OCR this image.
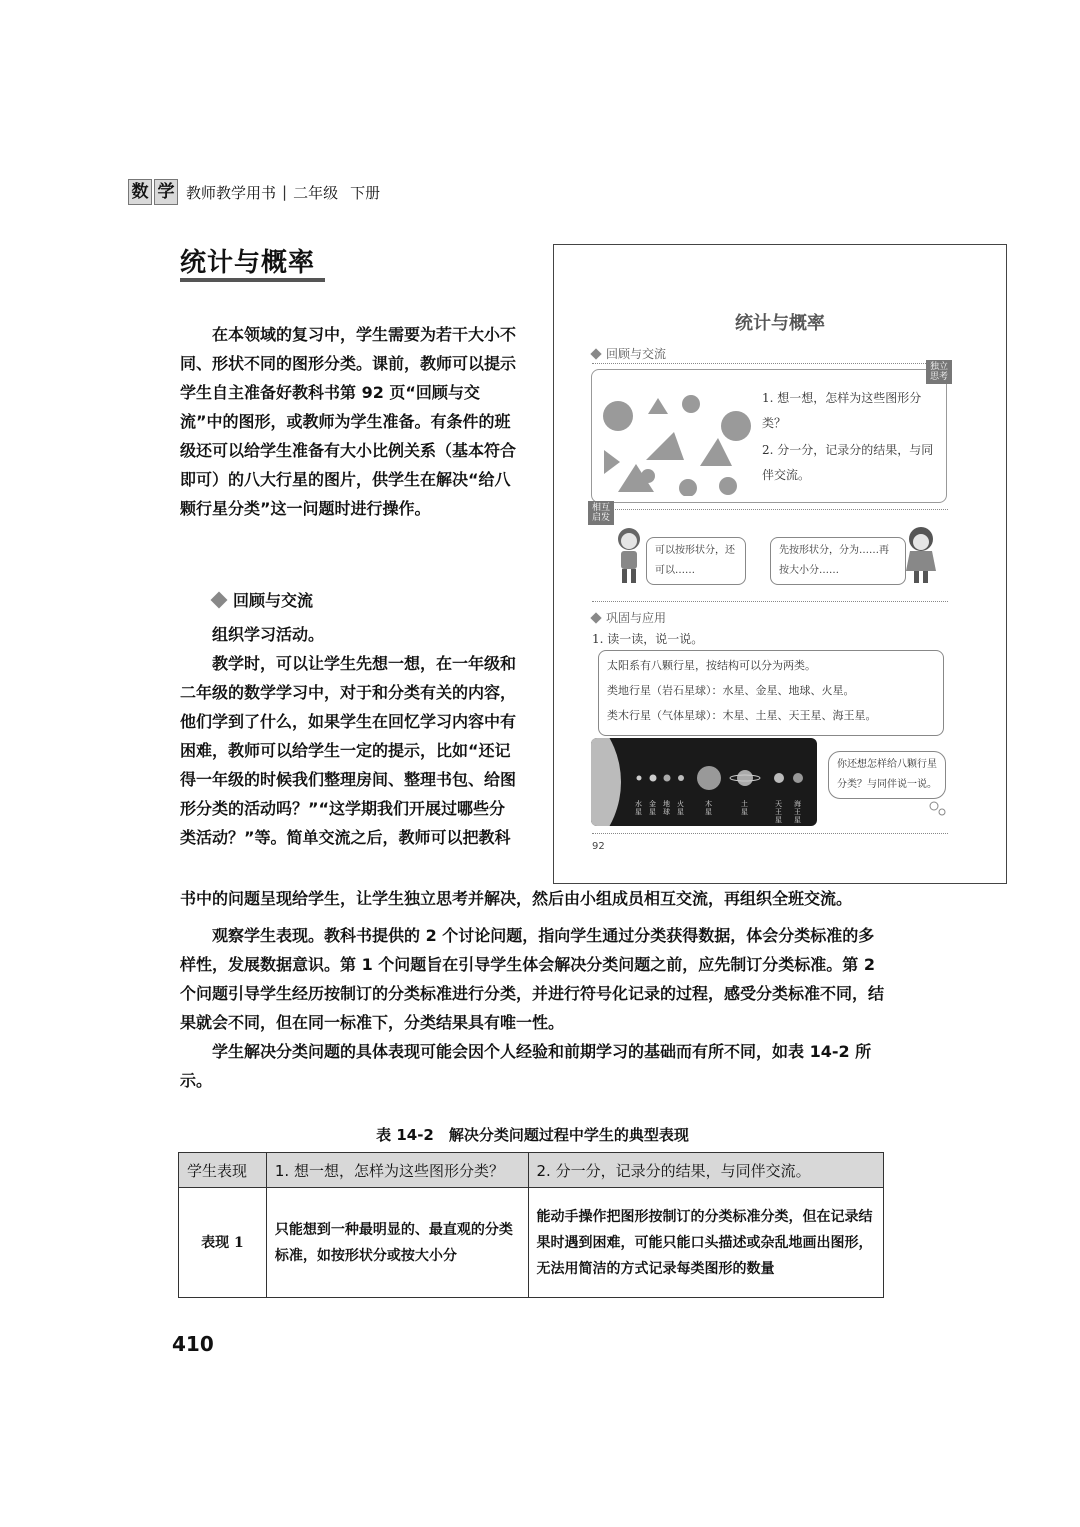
数 学 教师教学用书 | 二年级 下册
统计与概率

在本领域的复习中，学生需要为若干大小不同、形状不同的图形分类。课前，教师可以提示学生自主准备好教科书第 92 页“回顾与交流”中的图形，或教师为学生准备。有条件的班级还可以给学生准备有大小比例关系（基本符合即可）的八大行星的图片，供学生在解决“给八颗行星分类”这一问题时进行操作。

回顾与交流

组织学习活动。

教学时，可以让学生先想一想，在一年级和二年级的数学学习中，对于和分类有关的内容，他们学到了什么，如果学生在回忆学习内容中有困难，教师可以给学生一定的提示，比如“还记得一年级的时候我们整理房间、整理书包、给图形分类的活动吗？”“这学期我们开展过哪些分类活动？”等。简单交流之后，教师可以把教科

书中的问题呈现给学生，让学生独立思考并解决，然后由小组成员相互交流，再组织全班交流。

观察学生表现。教科书提供的 2 个讨论问题，指向学生通过分类获得数据，体会分类标准的多样性，发展数据意识。第 1 个问题旨在引导学生体会解决分类问题之前，应先制订分类标准。第 2 个问题引导学生经历按制订的分类标准进行分类，并进行符号化记录的过程，感受分类标准不同，结果就会不同，但在同一标准下，分类结果具有唯一性。

学生解决分类问题的具体表现可能会因个人经验和前期学习的基础而有所不同，如表 14-2 所示。

统计与概率
回顾与交流
独立思考
1. 想一想，怎样为这些图形分类？
2. 分一分，记录分的结果，与同伴交流。
相互启发
可以按形状分，还可以……
先按形状分，分为……再按大小分……
巩固与应用
1. 读一读，说一说。
太阳系有八颗行星，按结构可以分为两类。
类地行星（岩石星球）：水星、金星、地球、火星。
类木行星（气体星球）：木星、土星、天王星、海王星。
水星
金星
地球
火星
木星
土星
天王星
海王星
你还想怎样给八颗行星分类？与同伴说一说。
92
表 14-2　解决分类问题过程中学生的典型表现
学生表现	1. 想一想，怎样为这些图形分类？	2. 分一分，记录分的结果，与同伴交流。
表现 1	只能想到一种最明显的、最直观的分类标准，如按形状分或按大小分	能动手操作把图形按制订的分类标准分类，但在记录结果时遇到困难，可能只能口头描述或杂乱地画出图形，无法用简洁的方式记录每类图形的数量
410
